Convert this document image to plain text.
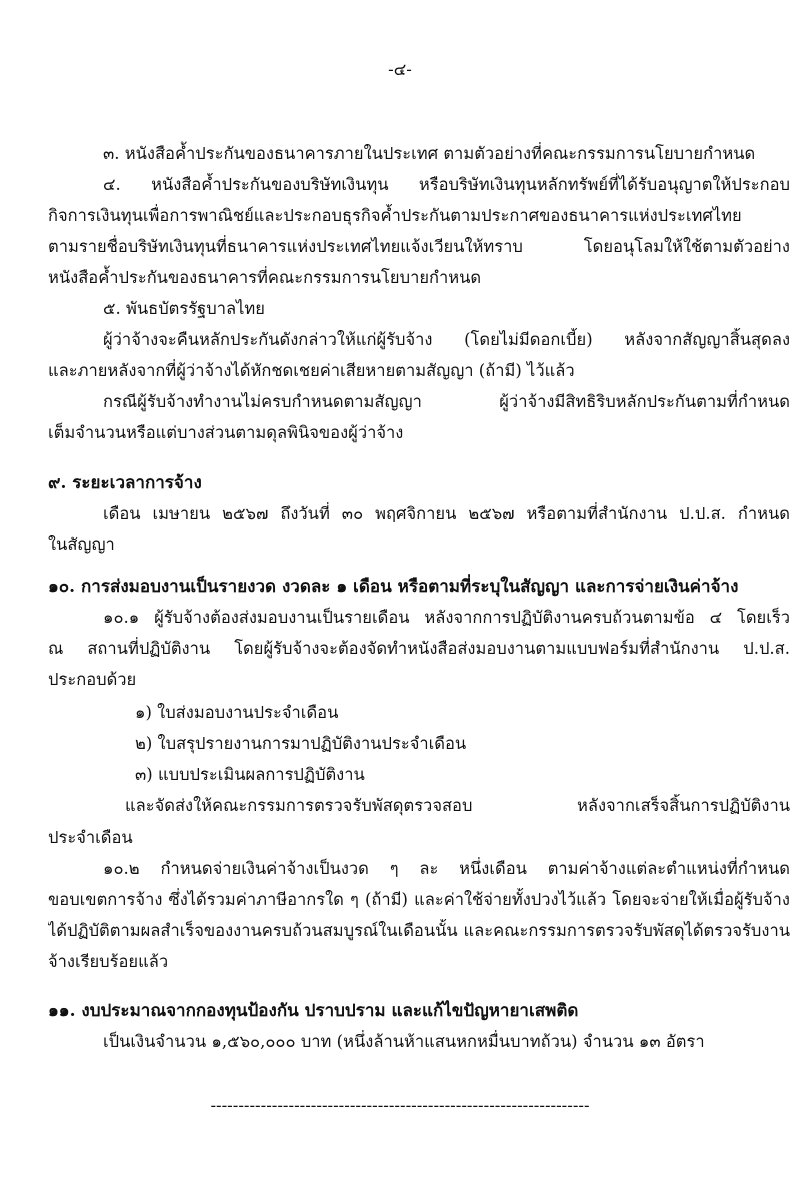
-๔-
๓. หนังสือค้ำประกันของธนาคารภายในประเทศ ตามตัวอย่างที่คณะกรรมการนโยบายกำหนด
๔. หนังสือค้ำประกันของบริษัทเงินทุน หรือบริษัทเงินทุนหลักทรัพย์ที่ได้รับอนุญาตให้ประกอบ
กิจการเงินทุนเพื่อการพาณิชย์และประกอบธุรกิจค้ำประกันตามประกาศของธนาคารแห่งประเทศไทย
ตามรายชื่อบริษัทเงินทุนที่ธนาคารแห่งประเทศไทยแจ้งเวียนให้ทราบ โดยอนุโลมให้ใช้ตามตัวอย่าง
หนังสือค้ำประกันของธนาคารที่คณะกรรมการนโยบายกำหนด
๕. พันธบัตรรัฐบาลไทย
ผู้ว่าจ้างจะคืนหลักประกันดังกล่าวให้แก่ผู้รับจ้าง (โดยไม่มีดอกเบี้ย) หลังจากสัญญาสิ้นสุดลง
และภายหลังจากที่ผู้ว่าจ้างได้หักชดเชยค่าเสียหายตามสัญญา (ถ้ามี) ไว้แล้ว
กรณีผู้รับจ้างทำงานไม่ครบกำหนดตามสัญญา ผู้ว่าจ้างมีสิทธิริบหลักประกันตามที่กำหนด
เต็มจำนวนหรือแต่บางส่วนตามดุลพินิจของผู้ว่าจ้าง
๙. ระยะเวลาการจ้าง
เดือน เมษายน ๒๕๖๗ ถึงวันที่ ๓๐ พฤศจิกายน ๒๕๖๗ หรือตามที่สำนักงาน ป.ป.ส. กำหนด
ในสัญญา
๑๐. การส่งมอบงานเป็นรายงวด งวดละ ๑ เดือน หรือตามที่ระบุในสัญญา และการจ่ายเงินค่าจ้าง
๑๐.๑ ผู้รับจ้างต้องส่งมอบงานเป็นรายเดือน หลังจากการปฏิบัติงานครบถ้วนตามข้อ ๔ โดยเร็ว
ณ สถานที่ปฏิบัติงาน โดยผู้รับจ้างจะต้องจัดทำหนังสือส่งมอบงานตามแบบฟอร์มที่สำนักงาน ป.ป.ส.
ประกอบด้วย
๑) ใบส่งมอบงานประจำเดือน
๒) ใบสรุปรายงานการมาปฏิบัติงานประจำเดือน
๓) แบบประเมินผลการปฏิบัติงาน
และจัดส่งให้คณะกรรมการตรวจรับพัสดุตรวจสอบ หลังจากเสร็จสิ้นการปฏิบัติงาน
ประจำเดือน
๑๐.๒ กำหนดจ่ายเงินค่าจ้างเป็นงวด ๆ ละ หนึ่งเดือน ตามค่าจ้างแต่ละตำแหน่งที่กำหนด
ขอบเขตการจ้าง ซึ่งได้รวมค่าภาษีอากรใด ๆ (ถ้ามี) และค่าใช้จ่ายทั้งปวงไว้แล้ว โดยจะจ่ายให้เมื่อผู้รับจ้าง
ได้ปฏิบัติตามผลสำเร็จของงานครบถ้วนสมบูรณ์ในเดือนนั้น และคณะกรรมการตรวจรับพัสดุได้ตรวจรับงาน
จ้างเรียบร้อยแล้ว
๑๑. งบประมาณจากกองทุนป้องกัน ปราบปราม และแก้ไขปัญหายาเสพติด
เป็นเงินจำนวน ๑,๕๖๐,๐๐๐ บาท (หนึ่งล้านห้าแสนหกหมื่นบาทถ้วน) จำนวน ๑๓ อัตรา
--------------------------------------------------------------------
